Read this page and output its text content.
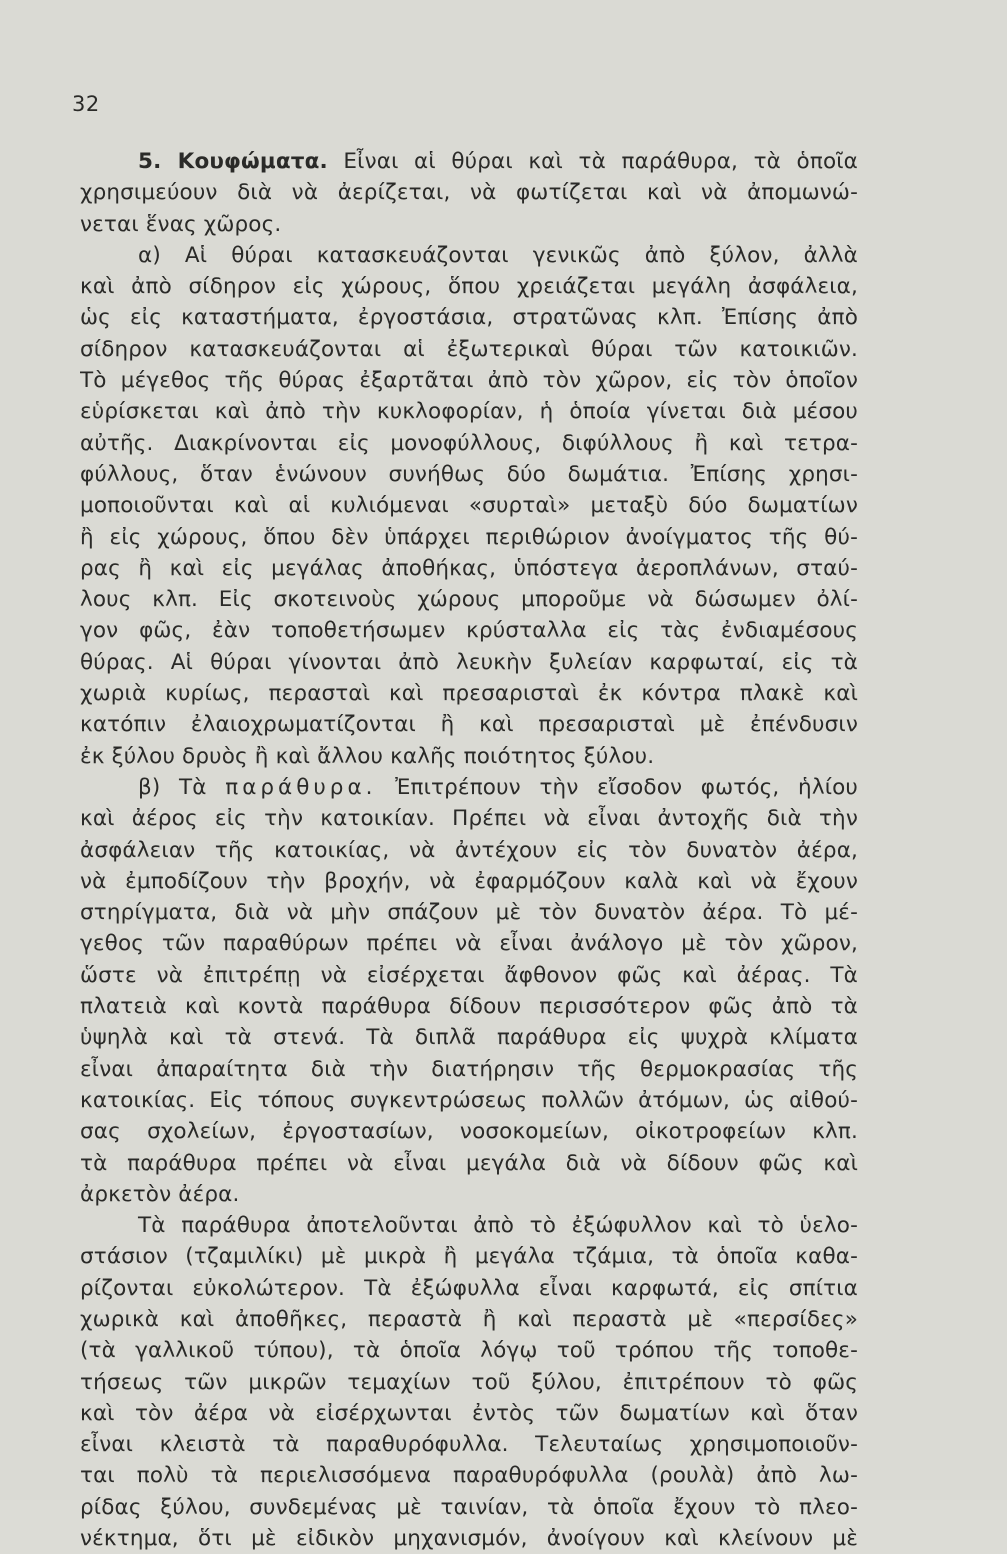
32
5. Κουφώματα. Εἶναι αἱ θύραι καὶ τὰ παράθυρα, τὰ ὁποῖα
χρησιμεύουν διὰ νὰ ἀερίζεται, νὰ φωτίζεται καὶ νὰ ἀπομωνώ-
νεται ἕνας χῶρος.
α) Αἱ θύραι κατασκευάζονται γενικῶς ἀπὸ ξύλον, ἀλλὰ
καὶ ἀπὸ σίδηρον εἰς χώρους, ὅπου χρειάζεται μεγάλη ἀσφάλεια,
ὡς εἰς καταστήματα, ἐργοστάσια, στρατῶνας κλπ. Ἐπίσης ἀπὸ
σίδηρον κατασκευάζονται αἱ ἐξωτερικαὶ θύραι τῶν κατοικιῶν.
Τὸ μέγεθος τῆς θύρας ἐξαρτᾶται ἀπὸ τὸν χῶρον, εἰς τὸν ὁποῖον
εὑρίσκεται καὶ ἀπὸ τὴν κυκλοφορίαν, ἡ ὁποία γίνεται διὰ μέσου
αὐτῆς. Διακρίνονται εἰς μονοφύλλους, διφύλλους ἢ καὶ τετρα-
φύλλους, ὅταν ἑνώνουν συνήθως δύο δωμάτια. Ἐπίσης χρησι-
μοποιοῦνται καὶ αἱ κυλιόμεναι «συρταὶ» μεταξὺ δύο δωματίων
ἢ εἰς χώρους, ὅπου δὲν ὑπάρχει περιθώριον ἀνοίγματος τῆς θύ-
ρας ἢ καὶ εἰς μεγάλας ἀποθήκας, ὑπόστεγα ἀεροπλάνων, σταύ-
λους κλπ. Εἰς σκοτεινοὺς χώρους μποροῦμε νὰ δώσωμεν ὀλί-
γον φῶς, ἐὰν τοποθετήσωμεν κρύσταλλα εἰς τὰς ἐνδιαμέσους
θύρας. Αἱ θύραι γίνονται ἀπὸ λευκὴν ξυλείαν καρφωταί, εἰς τὰ
χωριὰ κυρίως, περασταὶ καὶ πρεσαρισταὶ ἐκ κόντρα πλακὲ καὶ
κατόπιν ἐλαιοχρωματίζονται ἢ καὶ πρεσαρισταὶ μὲ ἐπένδυσιν
ἐκ ξύλου δρυὸς ἢ καὶ ἄλλου καλῆς ποιότητος ξύλου.
β) Τὰ παράθυρα. Ἐπιτρέπουν τὴν εἴσοδον φωτός, ἡλίου
καὶ ἀέρος εἰς τὴν κατοικίαν. Πρέπει νὰ εἶναι ἀντοχῆς διὰ τὴν
ἀσφάλειαν τῆς κατοικίας, νὰ ἀντέχουν εἰς τὸν δυνατὸν ἀέρα,
νὰ ἐμποδίζουν τὴν βροχήν, νὰ ἐφαρμόζουν καλὰ καὶ νὰ ἔχουν
στηρίγματα, διὰ νὰ μὴν σπάζουν μὲ τὸν δυνατὸν ἀέρα. Τὸ μέ-
γεθος τῶν παραθύρων πρέπει νὰ εἶναι ἀνάλογο μὲ τὸν χῶρον,
ὥστε νὰ ἐπιτρέπῃ νὰ εἰσέρχεται ἄφθονον φῶς καὶ ἀέρας. Τὰ
πλατειὰ καὶ κοντὰ παράθυρα δίδουν περισσότερον φῶς ἀπὸ τὰ
ὑψηλὰ καὶ τὰ στενά. Τὰ διπλᾶ παράθυρα εἰς ψυχρὰ κλίματα
εἶναι ἀπαραίτητα διὰ τὴν διατήρησιν τῆς θερμοκρασίας τῆς
κατοικίας. Εἰς τόπους συγκεντρώσεως πολλῶν ἀτόμων, ὡς αἰθού-
σας σχολείων, ἐργοστασίων, νοσοκομείων, οἰκοτροφείων κλπ.
τὰ παράθυρα πρέπει νὰ εἶναι μεγάλα διὰ νὰ δίδουν φῶς καὶ
ἀρκετὸν ἀέρα.
Τὰ παράθυρα ἀποτελοῦνται ἀπὸ τὸ ἐξώφυλλον καὶ τὸ ὑελο-
στάσιον (τζαμιλίκι) μὲ μικρὰ ἢ μεγάλα τζάμια, τὰ ὁποῖα καθα-
ρίζονται εὐκολώτερον. Τὰ ἐξώφυλλα εἶναι καρφωτά, εἰς σπίτια
χωρικὰ καὶ ἀποθῆκες, περαστὰ ἢ καὶ περαστὰ μὲ «περσίδες»
(τὰ γαλλικοῦ τύπου), τὰ ὁποῖα λόγῳ τοῦ τρόπου τῆς τοποθε-
τήσεως τῶν μικρῶν τεμαχίων τοῦ ξύλου, ἐπιτρέπουν τὸ φῶς
καὶ τὸν ἀέρα νὰ εἰσέρχωνται ἐντὸς τῶν δωματίων καὶ ὅταν
εἶναι κλειστὰ τὰ παραθυρόφυλλα. Τελευταίως χρησιμοποιοῦν-
ται πολὺ τὰ περιελισσόμενα παραθυρόφυλλα (ρουλὰ) ἀπὸ λω-
ρίδας ξύλου, συνδεμένας μὲ ταινίαν, τὰ ὁποῖα ἔχουν τὸ πλεο-
νέκτημα, ὅτι μὲ εἰδικὸν μηχανισμόν, ἀνοίγουν καὶ κλείνουν μὲ
